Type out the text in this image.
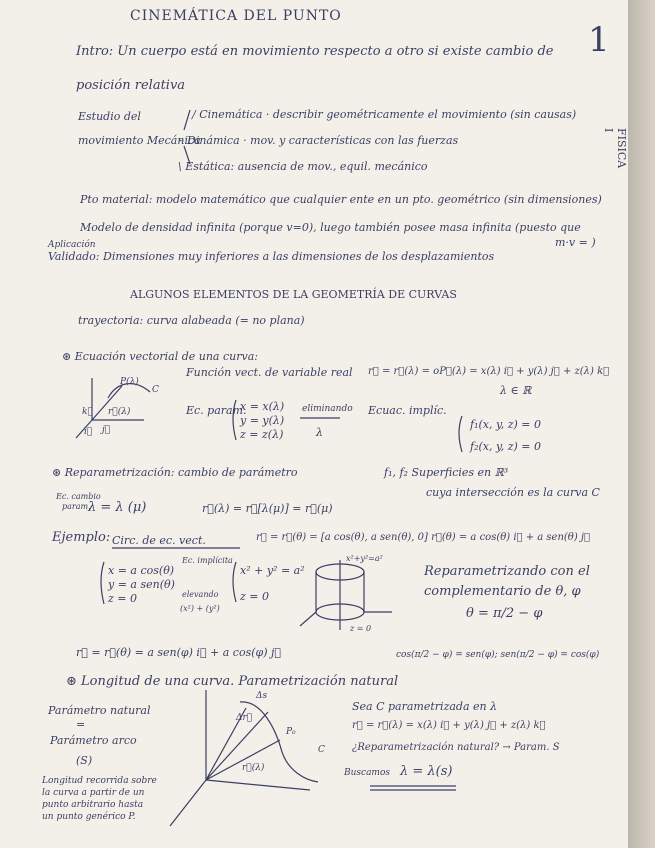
CINEMÁTICA DEL PUNTO
1
FISICA I
Intro: Un cuerpo está en movimiento respecto a otro si existe cambio de
posición relativa
Estudio del
movimiento Mecánica
/ Cinemática · describir geométricamente el movimiento (sin causas)
– Dinámica · mov. y características con las fuerzas
\ Estática: ausencia de mov., equil. mecánico
Pto material: modelo matemático que cualquier ente en un pto. geométrico (sin dimensiones)
Modelo de densidad infinita (porque v=0), luego también posee masa infinita (puesto que
m·v = )
Aplicación
Validado: Dimensiones muy inferiores a las dimensiones de los desplazamientos
ALGUNOS ELEMENTOS DE LA GEOMETRÍA DE CURVAS
trayectoria: curva alabeada (= no plana)
⊛ Ecuación vectorial de una curva:
Función vect. de variable real r⃗ = r⃗(λ) = oP⃗(λ) = x(λ) i⃗ + y(λ) j⃗ + z(λ) k⃗
λ ∈ ℝ
Ec. param.
x = x(λ)
y = y(λ)
z = z(λ)
eliminando
λ
Ecuac. implíc.
f₁(x, y, z) = 0
f₂(x, y, z) = 0
⊛ Reparametrización: cambio de parámetro	f₁, f₂ Superficies en ℝ³
cuya intersección es la curva C
Ec. cambio
param.
λ = λ (μ)	r⃗(λ) = r⃗[λ(μ)] = r⃗(μ)
Ejemplo: Circ. de ec. vect.	r⃗ = r⃗(θ) = [a cos(θ), a sen(θ), 0] r⃗(θ) = a cos(θ) i⃗ + a sen(θ) j⃗
x = a cos(θ)
y = a sen(θ)
z = 0
Ec. implícita
x² + y² = a²
z = 0
elevando
(x²) + (y²)
x²+y²=a²
z = 0
Reparametrizando con el
complementario de θ, φ
θ = π/2 − φ
r⃗ = r⃗(θ) = a sen(φ) i⃗ + a cos(φ) j⃗	cos(π/2 − φ) = sen(φ); sen(π/2 − φ) = cos(φ)
⊛ Longitud de una curva. Parametrización natural
Parámetro natural
=
Parámetro arco
(S)
Longitud recorrida sobre
la curva a partir de un
punto arbitrario hasta
un punto genérico P.
Sea C parametrizada en λ
r⃗ = r⃗(λ) = x(λ) i⃗ + y(λ) j⃗ + z(λ) k⃗
¿Reparametrización natural? → Param. S
Buscamos λ = λ(s)
P(λ)
C
r⃗(λ)
i⃗ j⃗
k⃗
Δs
Δr⃗
r⃗(λ)
P₀
C
